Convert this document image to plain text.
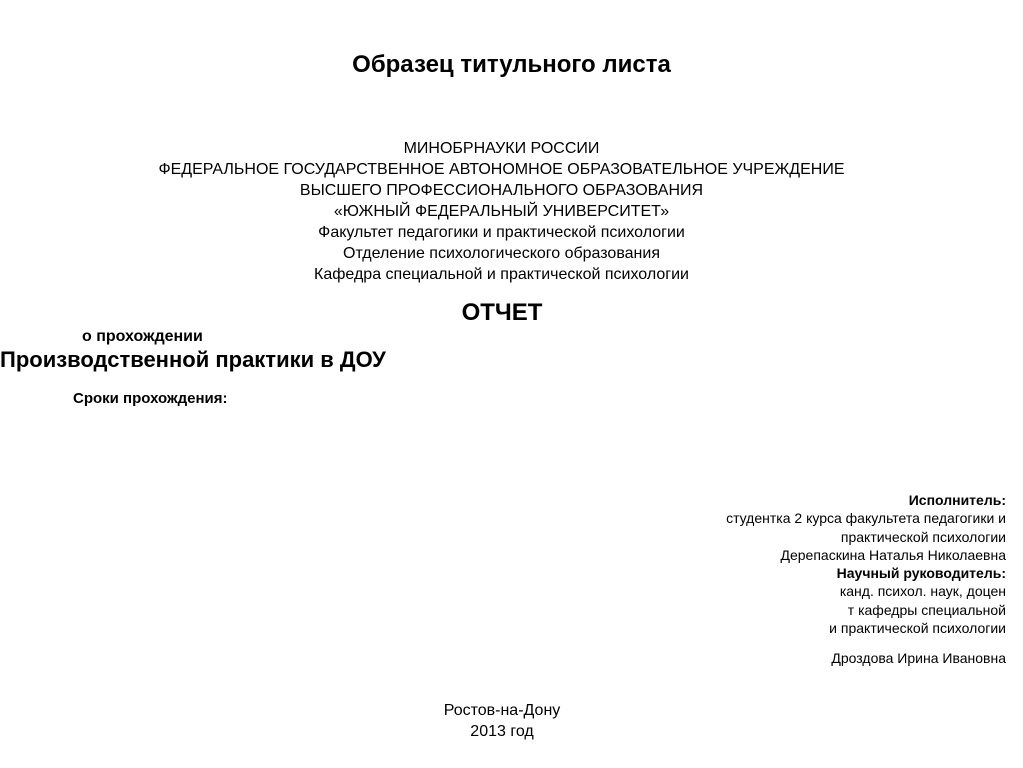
Образец титульного листа
МИНОБРНАУКИ РОССИИ
ФЕДЕРАЛЬНОЕ ГОСУДАРСТВЕННОЕ АВТОНОМНОЕ ОБРАЗОВАТЕЛЬНОЕ УЧРЕЖДЕНИЕ
ВЫСШЕГО ПРОФЕССИОНАЛЬНОГО ОБРАЗОВАНИЯ
«ЮЖНЫЙ ФЕДЕРАЛЬНЫЙ УНИВЕРСИТЕТ»
Факультет педагогики и практической психологии
Отделение психологического образования
Кафедра специальной и практической психологии
ОТЧЕТ
о прохождении
Производственной практики в ДОУ
Сроки прохождения:
Исполнитель:
студентка 2 курса факультета педагогики и
практической психологии
Дерепаскина Наталья Николаевна
Научный руководитель:
канд. психол. наук, доцен
т кафедры специальной
и практической психологии
Дроздова Ирина Ивановна
Ростов-на-Дону
2013 год
